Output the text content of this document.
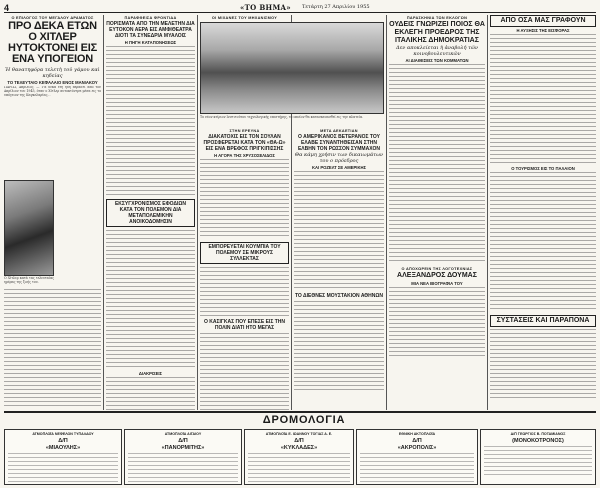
4	«ΤΟ ΒΗΜΑ» Τετάρτη 27 Απριλίου 1955
Ο ΕΠΙΛΟΓΟΣ ΤΟΥ ΜΕΓΑΛΟΥ ΔΡΑΜΑΤΟΣ
ΠΡΟ ΔΕΚΑ ΕΤΩΝ Ο ΧΙΤΛΕΡ ΗΥΤΟΚΤΟΝΕΙ ΕΙΣ ΕΝΑ ΥΠΟΓΕΙΟΝ
Ἡ θανατηφόρα τελετὴ τοῦ γάμου καὶ κηδείας
ΤΟ ΤΕΛΕΥΤΑΙΟ ΚΕΦΑΛΑΙΟ ΕΝΟΣ ΜΑΝΙΑΚΟΥ
ΠΑΡΙΣΙ, Απρίλιος. — Τ'ά δέκα έτη ήδη περάσει από τον Απρίλιον του 1945, όταν ο Χίτλερ αυτοκτόνησε μέσα εις το υπόγειον της Καγκελαρίας...
Ο Χίτλερ κατά τας τελευταίας ημέρας της ζωής του.
ΠΑΡΑΦΘΕΙΣΑ ΦΡΟΝΤΙΔΑ
ΠΟΡΙΣΜΑΤΑ ΑΠΟ ΤΗΝ ΜΕΛΕΤΗΝ ΔΙΑ ΕΥΤΟΚΟΝ ΑΕΡΑ ΕΙΣ ΑΜΦΙΘΕΑΤΡΑ ΔΙΟΤΙ ΤΑ ΣΥΝΕΔΡΙΑ ΜΥΑΛΟΙΣ
Η ΠΗΓΗ ΚΑΤΑΠΟΝΗΣΕΩΣ
ΕΚΣΥΓΧΡΟΝΙΣΜΟΣ ΕΦΟΔΙΩΝ ΚΑΤΑ ΤΟΝ ΠΟΛΕΜΟΝ ΔΙΑ ΜΕΤΑΠΟΛΕΜΙΚΗΝ ΑΝΟΙΚΟΔΟΜΗΣΙΝ
ΔΙΑΚΡΙΣΕΙΣ
ΟΙ ΜΙΧΑΝΕΣ ΤΟΥ ΜΗΧΑΝΙΣΜΟΥ
Το νέον κτίριον Ινστιτούτου τεχνολογικής επιστήμης, το οποίον θα κατασκευασθεί εις την πλατεία.
ΣΤΗΝ ΕΡΕΥΝΑ
ΔΙΑΚΑΤΟΧΙΣ ΕΙΣ ΤΟΝ ΣΟΥΛΑΝ ΠΡΟΣΦΕΡΕΤΑΙ ΚΑΤΑ ΤΟΝ «ΘΑ-Ω» ΕΙΣ ΕΝΑ ΒΡΕΦΟΣ ΠΡΙΓΚΙΠΙΣΣΗΣ
Η ΑΓΟΡΑ ΤΗΣ ΧΡΥΣΟΣΕΛΙΔΟΣ
ΕΜΠΟΡΕΥΕΤΑΙ ΚΟΥΜΠΙΑ ΤΟΥ ΠΟΛΕΜΟΥ ΣΕ ΜΙΚΡΟΥΣ ΣΥΛΛΕΚΤΑΣ
Ο ΚΑΣΙΓΚΑΣ ΠΟΥ ΕΠΕΣΕ ΕΙΣ ΤΗΝ ΠΟΛΙΝ ΔΙΑΤΙ ΗΤΟ ΜΕΓΑΣ
ΜΕΤΑ ΔΕΚΑΕΤΙΑΝ
Ο ΑΜΕΡΙΚΑΝΟΣ ΒΕΤΕΡΑΝΟΣ ΤΟΥ ΕΛΑΒΕ ΣΥΝΑΝΤΗΘΕΙΣΑΝ ΣΤΗΝ ΕΛΒΗΝ ΤΟΝ ΡΩΣΣΟΝ ΣΥΜΜΑΧΟΝ
Θα κάμη χρήσιν των δικαιωμάτων του ο πρόεδρος
ΚΑΙ ΡΟΖΕΛΤ ΣΕ ΑΜΕΡΙΚΗΣ
ΤΟ ΔΙΕΘΝΕΣ ΜΟΥΣΤΑΚΙΟΝ ΑΘΗΝΩΝ
ΠΑΡΑΣΚΗΝΙΑ ΤΩΝ ΕΚΛΟΓΩΝ
ΟΥΔΕΙΣ ΓΝΩΡΙΖΕΙ ΠΟΙΟΣ ΘΑ ΕΚΛΕΓΗ ΠΡΟΕΔΡΟΣ ΤΗΣ ΙΤΑΛΙΚΗΣ ΔΗΜΟΚΡΑΤΙΑΣ
Δεν αποκλείεται ἡ ἀναβολή τῶν κοινοβουλευτικῶν
ΑΙ ΔΙΑΘΕΣΕΙΣ ΤΩΝ ΚΟΜΜΑΤΩΝ
Ο ΑΠΟΧΩΡΕΙΝ ΤΗΣ ΛΟΓΟΤΕΧΝΙΑΣ
ΑΛΕΞΑΝΔΡΟΣ ΔΟΥΜΑΣ
ΜΙΑ ΝΕΑ ΒΙΟΓΡΑΦΙΑ ΤΟΥ
ΑΠΟ ΟΣΑ ΜΑΣ ΓΡΑΦΟΥΝ
Η ΑΥΞΗΣΙΣ ΤΗΣ ΕΙΣΦΟΡΑΣ
Ο ΤΟΥΡΙΣΜΟΣ ΕΙΣ ΤΟ ΠΑΛΑΙΟΝ
ΣΥΣΤΑΣΕΙΣ ΚΑΙ ΠΑΡΑΠΟΝΑ
ΔΡΟΜΟΛΟΓΙΑ
ΑΤΜΟΠΛΟΪΑ ΝΕΦΕΛΟΝ ΤΥΠΑΛΔΟΥ
Δ/Π
«ΜΙΑΟΥΛΗΣ»
ΑΤΜΟΠΛΟΪΑ ΑΙΓΑΙΟΥ
Δ/Π
«ΠΑΝΟΡΜΙΤΗΣ»
ΑΤΜΟΠΛΟΪΑ Ε. ΙΩΑΝΝΟΥ ΤΟΓΙΑΣ Α. Ε.
Δ/Π
«ΚΥΚΛΑΔΕΣ»
ΕΘΝΙΚΗ ΑΚΤΟΠΛΟΪΑ
Δ/Π
«ΑΚΡΟΠΟΛΙΣ»
Δ/Π ΓΕΩΡΓΙΟΣ Β. ΠΟΤΑΜΙΑΝΟΣ
(ΜΟΝΟΚΟΤΡΟΝΟΣ)
